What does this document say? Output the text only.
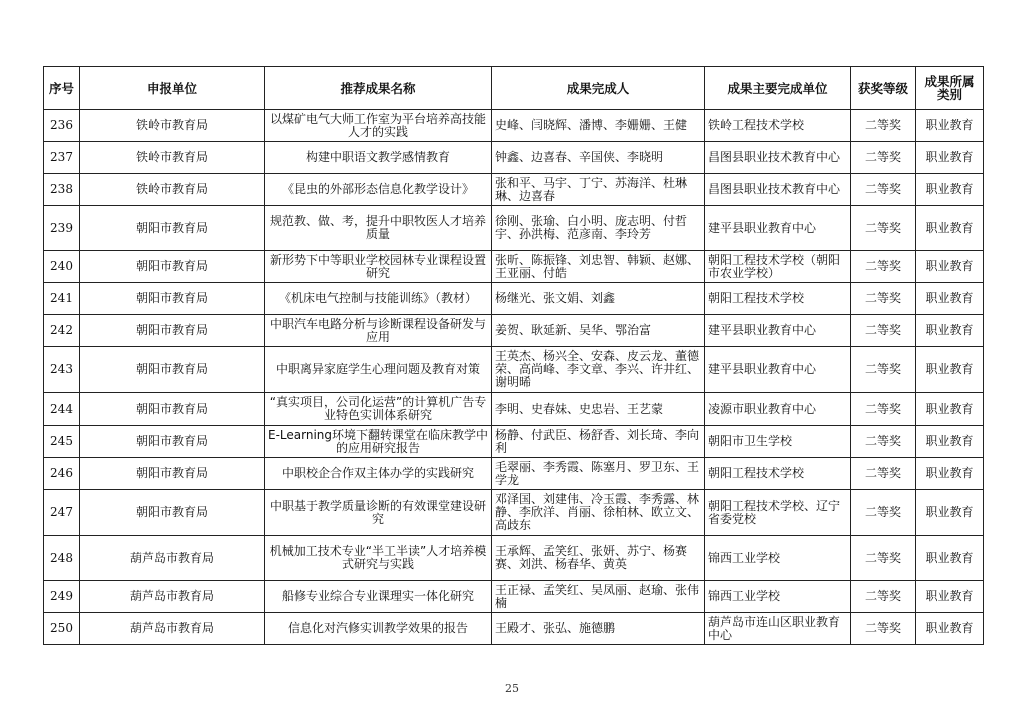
序号	申报单位	推荐成果名称	成果完成人	成果主要完成单位	获奖等级	成果所属类别
236	铁岭市教育局	以煤矿电气大师工作室为平台培养高技能人才的实践	史峰、闫晓辉、潘博、李姗姗、王健	铁岭工程技术学校	二等奖	职业教育
237	铁岭市教育局	构建中职语文教学感情教育	钟鑫、边喜春、辛国侠、李晓明	昌图县职业技术教育中心	二等奖	职业教育
238	铁岭市教育局	《昆虫的外部形态信息化教学设计》	张和平、马宇、丁宁、苏海洋、杜琳琳、边喜春	昌图县职业技术教育中心	二等奖	职业教育
239	朝阳市教育局	规范教、做、考，提升中职牧医人才培养质量	徐刚、张瑜、白小明、庞志明、付哲宇、孙洪梅、范彦南、李玲芳	建平县职业教育中心	二等奖	职业教育
240	朝阳市教育局	新形势下中等职业学校园林专业课程设置研究	张昕、陈振锋、刘忠智、韩颖、赵娜、王亚丽、付皓	朝阳工程技术学校（朝阳市农业学校）	二等奖	职业教育
241	朝阳市教育局	《机床电气控制与技能训练》（教材）	杨继光、张文娟、刘鑫	朝阳工程技术学校	二等奖	职业教育
242	朝阳市教育局	中职汽车电路分析与诊断课程设备研发与应用	姜贺、耿延新、吴华、鄂治富	建平县职业教育中心	二等奖	职业教育
243	朝阳市教育局	中职离异家庭学生心理问题及教育对策	王英杰、杨兴全、安森、皮云龙、董德荣、高尚峰、李文章、李兴、许井红、谢明晞	建平县职业教育中心	二等奖	职业教育
244	朝阳市教育局	“真实项目，公司化运营”的计算机广告专业特色实训体系研究	李明、史春妹、史忠岩、王艺蒙	凌源市职业教育中心	二等奖	职业教育
245	朝阳市教育局	E-Learning环境下翻转课堂在临床教学中的应用研究报告	杨静、付武臣、杨舒香、刘长琦、李向利	朝阳市卫生学校	二等奖	职业教育
246	朝阳市教育局	中职校企合作双主体办学的实践研究	毛翠丽、李秀霞、陈塞月、罗卫东、王学龙	朝阳工程技术学校	二等奖	职业教育
247	朝阳市教育局	中职基于教学质量诊断的有效课堂建设研究	邓泽国、刘建伟、冷玉霞、李秀露、林静、李欣洋、肖丽、徐柏林、欧立文、高歧东	朝阳工程技术学校、辽宁省委党校	二等奖	职业教育
248	葫芦岛市教育局	机械加工技术专业“半工半读”人才培养模式研究与实践	王承辉、孟笑红、张妍、苏宁、杨赛赛、刘洪、杨春华、黄英	锦西工业学校	二等奖	职业教育
249	葫芦岛市教育局	船修专业综合专业课理实一体化研究	王正禄、孟笑红、吴凤丽、赵瑜、张伟楠	锦西工业学校	二等奖	职业教育
250	葫芦岛市教育局	信息化对汽修实训教学效果的报告	王殿才、张弘、施德鹏	葫芦岛市连山区职业教育中心	二等奖	职业教育
25
